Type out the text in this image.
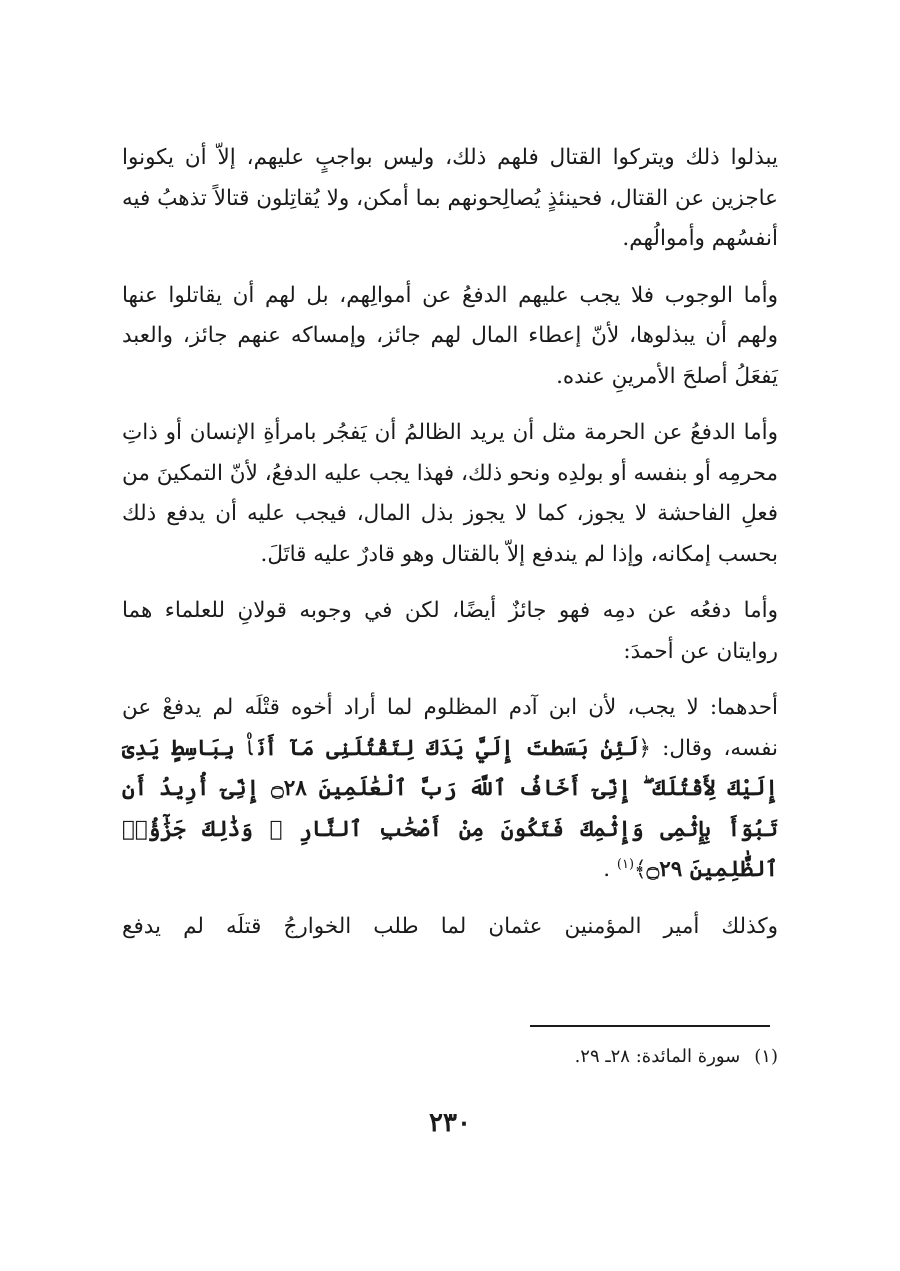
يبذلوا ذلك ويتركوا القتال فلهم ذلك، وليس بواجبٍ عليهم، إلاّ أن يكونوا عاجزين عن القتال، فحينئذٍ يُصالِحونهم بما أمكن، ولا يُقاتِلون قتالاً تذهبُ فيه أنفسُهم وأموالُهم.

وأما الوجوب فلا يجب عليهم الدفعُ عن أموالِهم، بل لهم أن يقاتلوا عنها ولهم أن يبذلوها، لأنّ إعطاء المال لهم جائز، وإمساكه عنهم جائز، والعبد يَفعَلُ أصلحَ الأمرينِ عنده.

وأما الدفعُ عن الحرمة مثل أن يريد الظالمُ أن يَفجُر بامرأةِ الإنسان أو ذاتِ محرمِه أو بنفسه أو بولدِه ونحو ذلك، فهذا يجب عليه الدفعُ، لأنّ التمكينَ من فعلِ الفاحشة لا يجوز، كما لا يجوز بذل المال، فيجب عليه أن يدفع ذلك بحسب إمكانه، وإذا لم يندفع إلاّ بالقتال وهو قادرٌ عليه قاتَلَ.

وأما دفعُه عن دمِه فهو جائزٌ أيضًا، لكن في وجوبه قولانِ للعلماء هما روايتان عن أحمدَ:

أحدهما: لا يجب، لأن ابن آدم المظلوم لما أراد أخوه قتْلَه لم يدفعْ عن نفسه، وقال: ﴿لَئِنۢ بَسَطتَ إِلَيَّ يَدَكَ لِتَقْتُلَنِى مَآ أَنَا۠ بِبَاسِطٍ يَدِىَ إِلَيْكَ لِأَقْتُلَكَ ۖ إِنِّىٓ أَخَافُ ٱللَّهَ رَبَّ ٱلْعَٰلَمِينَ ۝٢٨ إِنِّىٓ أُرِيدُ أَن تَبُوٓأَ بِإِثْمِى وَإِثْمِكَ فَتَكُونَ مِنْ أَصْحَٰبِ ٱلنَّارِ ۚ وَذَٰلِكَ جَزَٰٓؤُا۟ ٱلظَّٰلِمِينَ ۝٢٩﴾$^{(١)}$ .

وكذلك أمير المؤمنين عثمان لما طلب الخوارجُ قتلَه لم يدفع

(١)سورة المائدة: ٢٨ـ ٢٩.
٢٣٠
